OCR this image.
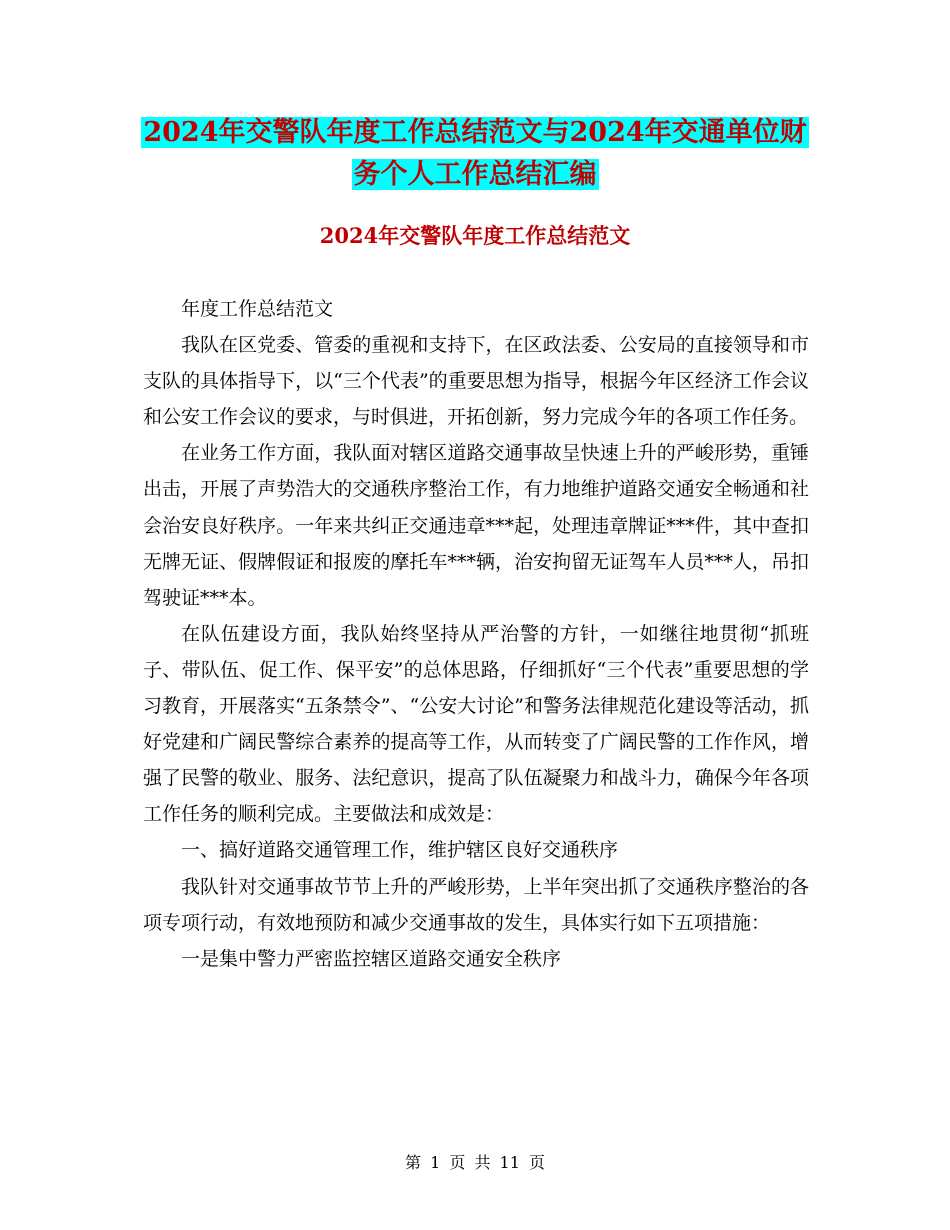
2024年交警队年度工作总结范文与2024年交通单位财
务个人工作总结汇编
2024年交警队年度工作总结范文

年度工作总结范文

我队在区党委、管委的重视和支持下，在区政法委、公安局的直接领导和市支队的具体指导下，以“三个代表”的重要思想为指导，根据今年区经济工作会议和公安工作会议的要求，与时俱进，开拓创新，努力完成今年的各项工作任务。

在业务工作方面，我队面对辖区道路交通事故呈快速上升的严峻形势，重锤出击，开展了声势浩大的交通秩序整治工作，有力地维护道路交通安全畅通和社会治安良好秩序。一年来共纠正交通违章***起，处理违章牌证***件，其中查扣无牌无证、假牌假证和报废的摩托车***辆，治安拘留无证驾车人员***人，吊扣驾驶证***本。

在队伍建设方面，我队始终坚持从严治警的方针，一如继往地贯彻“抓班子、带队伍、促工作、保平安”的总体思路，仔细抓好“三个代表”重要思想的学习教育，开展落实“五条禁令”、“公安大讨论”和警务法律规范化建设等活动，抓好党建和广阔民警综合素养的提高等工作，从而转变了广阔民警的工作作风，增强了民警的敬业、服务、法纪意识，提高了队伍凝聚力和战斗力，确保今年各项工作任务的顺利完成。主要做法和成效是：

一、搞好道路交通管理工作，维护辖区良好交通秩序

我队针对交通事故节节上升的严峻形势，上半年突出抓了交通秩序整治的各项专项行动，有效地预防和减少交通事故的发生，具体实行如下五项措施：

一是集中警力严密监控辖区道路交通安全秩序

第 1 页 共 11 页
